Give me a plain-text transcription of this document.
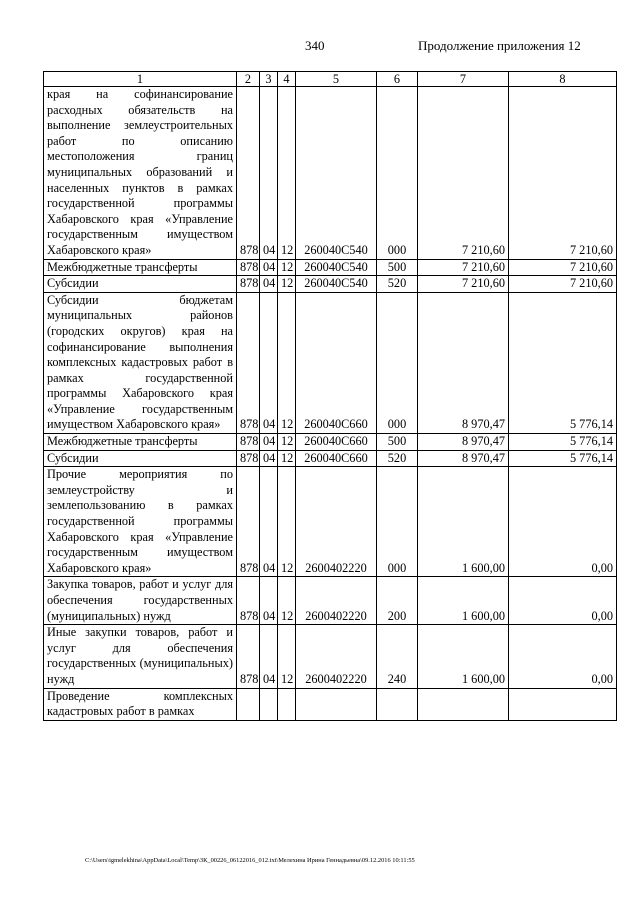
340	Продолжение приложения 12
1	2	3	4	5	6	7	8
края на софинансирование расходных обязательств на выполнение землеустроительных работ по описанию местоположения границ муниципальных образований и населенных пунктов в рамках государственной программы Хабаровского края «Управление государственным имуществом Хабаровского края»	878	04	12	260040С540	000	7 210,60	7 210,60
Межбюджетные трансферты	878	04	12	260040С540	500	7 210,60	7 210,60
Субсидии	878	04	12	260040С540	520	7 210,60	7 210,60
Субсидии бюджетам муниципальных районов (городских округов) края на софинансирование выполнения комплексных кадастровых работ в рамках государственной программы Хабаровского края «Управление государственным имуществом Хабаровского края»	878	04	12	260040С660	000	8 970,47	5 776,14
Межбюджетные трансферты	878	04	12	260040С660	500	8 970,47	5 776,14
Субсидии	878	04	12	260040С660	520	8 970,47	5 776,14
Прочие мероприятия по землеустройству и землепользованию в рамках государственной программы Хабаровского края «Управление государственным имуществом Хабаровского края»	878	04	12	2600402220	000	1 600,00	0,00
Закупка товаров, работ и услуг для обеспечения государственных (муниципальных) нужд	878	04	12	2600402220	200	1 600,00	0,00
Иные закупки товаров, работ и услуг для обеспечения государственных (муниципальных) нужд	878	04	12	2600402220	240	1 600,00	0,00
Проведение комплексных кадастровых работ в рамках							
C:\Users\igmelekhina\AppData\Local\Temp\ЗК_00226_06122016_012.txt\Мелехина Ирина Геннадьевна\09.12.2016 10:11:55
